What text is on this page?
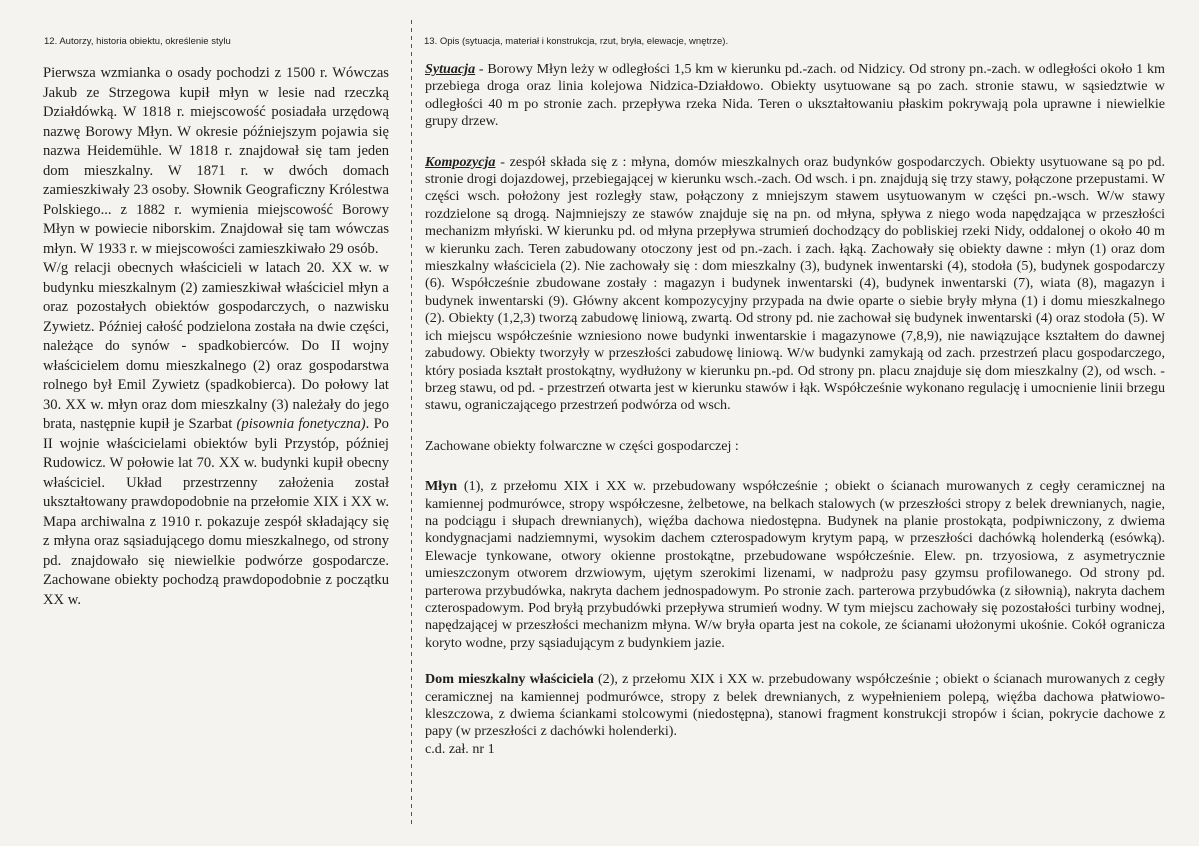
12. Autorzy, historia obiektu, określenie stylu	13. Opis (sytuacja, materiał i konstrukcja, rzut, bryła, elewacje, wnętrze).

Pierwsza wzmianka o osady pochodzi z 1500 r. Wówczas Jakub ze Strzegowa kupił młyn w lesie nad rzeczką Działdówką. W 1818 r. miejscowość posiadała urzędową nazwę Borowy Młyn. W okresie późniejszym pojawia się nazwa Heidemühle. W 1818 r. znajdował się tam jeden dom mieszkalny. W 1871 r. w dwóch domach zamieszkiwały 23 osoby. Słownik Geograficzny Królestwa Polskiego... z 1882 r. wymienia miejscowość Borowy Młyn w powiecie niborskim. Znajdował się tam wówczas młyn. W 1933 r. w miejscowości zamieszkiwało 29 osób.

W/g relacji obecnych właścicieli w latach 20. XX w. w budynku mieszkalnym (2) zamieszkiwał właściciel młyn a oraz pozostałych obiektów gospodarczych, o nazwisku Zywietz. Później całość podzielona została na dwie części, należące do synów - spadkobierców. Do II wojny właścicielem domu mieszkalnego (2) oraz gospodarstwa rolnego był Emil Zywietz (spadkobierca). Do połowy lat 30. XX w. młyn oraz dom mieszkalny (3) należały do jego brata, następnie kupił je Szarbat (pisownia fonetyczna). Po II wojnie właścicielami obiektów byli Przystóp, później Rudowicz. W połowie lat 70. XX w. budynki kupił obecny właściciel. Układ przestrzenny założenia został ukształtowany prawdopodobnie na przełomie XIX i XX w. Mapa archiwalna z 1910 r. pokazuje zespół składający się z młyna oraz sąsiadującego domu mieszkalnego, od strony pd. znajdowało się niewielkie podwórze gospodarcze. Zachowane obiekty pochodzą prawdopodobnie z początku XX w.

Sytuacja - Borowy Młyn leży w odległości 1,5 km w kierunku pd.-zach. od Nidzicy. Od strony pn.-zach. w odległości około 1 km przebiega droga oraz linia kolejowa Nidzica-Działdowo. Obiekty usytuowane są po zach. stronie stawu, w sąsiedztwie w odległości 40 m po stronie zach. przepływa rzeka Nida. Teren o ukształtowaniu płaskim pokrywają pola uprawne i niewielkie grupy drzew.

Kompozycja - zespół składa się z : młyna, domów mieszkalnych oraz budynków gospodarczych. Obiekty usytuowane są po pd. stronie drogi dojazdowej, przebiegającej w kierunku wsch.-zach. Od wsch. i pn. znajdują się trzy stawy, połączone przepustami. W części wsch. położony jest rozległy staw, połączony z mniejszym stawem usytuowanym w części pn.-wsch. W/w stawy rozdzielone są drogą. Najmniejszy ze stawów znajduje się na pn. od młyna, spływa z niego woda napędzająca w przeszłości mechanizm młyński. W kierunku pd. od młyna przepływa strumień dochodzący do pobliskiej rzeki Nidy, oddalonej o około 40 m w kierunku zach. Teren zabudowany otoczony jest od pn.-zach. i zach. łąką. Zachowały się obiekty dawne : młyn (1) oraz dom mieszkalny właściciela (2). Nie zachowały się : dom mieszkalny (3), budynek inwentarski (4), stodoła (5), budynek gospodarczy (6). Współcześnie zbudowane zostały : magazyn i budynek inwentarski (4), budynek inwentarski (7), wiata (8), magazyn i budynek inwentarski (9). Główny akcent kompozycyjny przypada na dwie oparte o siebie bryły młyna (1) i domu mieszkalnego (2). Obiekty (1,2,3) tworzą zabudowę liniową, zwartą. Od strony pd. nie zachował się budynek inwentarski (4) oraz stodoła (5). W ich miejscu współcześnie wzniesiono nowe budynki inwentarskie i magazynowe (7,8,9), nie nawiązujące kształtem do dawnej zabudowy. Obiekty tworzyły w przeszłości zabudowę liniową. W/w budynki zamykają od zach. przestrzeń placu gospodarczego, który posiada kształt prostokątny, wydłużony w kierunku pn.-pd. Od strony pn. placu znajduje się dom mieszkalny (2), od wsch. - brzeg stawu, od pd. - przestrzeń otwarta jest w kierunku stawów i łąk. Współcześnie wykonano regulację i umocnienie linii brzegu stawu, ograniczającego przestrzeń podwórza od wsch.

Zachowane obiekty folwarczne w części gospodarczej :

Młyn (1), z przełomu XIX i XX w. przebudowany współcześnie ; obiekt o ścianach murowanych z cegły ceramicznej na kamiennej podmurówce, stropy współczesne, żelbetowe, na belkach stalowych (w przeszłości stropy z belek drewnianych, nagie, na podciągu i słupach drewnianych), więźba dachowa niedostępna. Budynek na planie prostokąta, podpiwniczony, z dwiema kondygnacjami nadziemnymi, wysokim dachem czterospadowym krytym papą, w przeszłości dachówką holenderką (esówką). Elewacje tynkowane, otwory okienne prostokątne, przebudowane współcześnie. Elew. pn. trzyosiowa, z asymetrycznie umieszczonym otworem drzwiowym, ujętym szerokimi lizenami, w nadprożu pasy gzymsu profilowanego. Od strony pd. parterowa przybudówka, nakryta dachem jednospadowym. Po stronie zach. parterowa przybudówka (z siłownią), nakryta dachem czterospadowym. Pod bryłą przybudówki przepływa strumień wodny. W tym miejscu zachowały się pozostałości turbiny wodnej, napędzającej w przeszłości mechanizm młyna. W/w bryła oparta jest na cokole, ze ścianami ułożonymi ukośnie. Cokół ogranicza koryto wodne, przy sąsiadującym z budynkiem jazie.

Dom mieszkalny właściciela (2), z przełomu XIX i XX w. przebudowany współcześnie ; obiekt o ścianach murowanych z cegły ceramicznej na kamiennej podmurówce, stropy z belek drewnianych, z wypełnieniem polepą, więźba dachowa płatwiowo-kleszczowa, z dwiema ściankami stolcowymi (niedostępna), stanowi fragment konstrukcji stropów i ścian, pokrycie dachowe z papy (w przeszłości z dachówki holenderki).

c.d. zał. nr 1
